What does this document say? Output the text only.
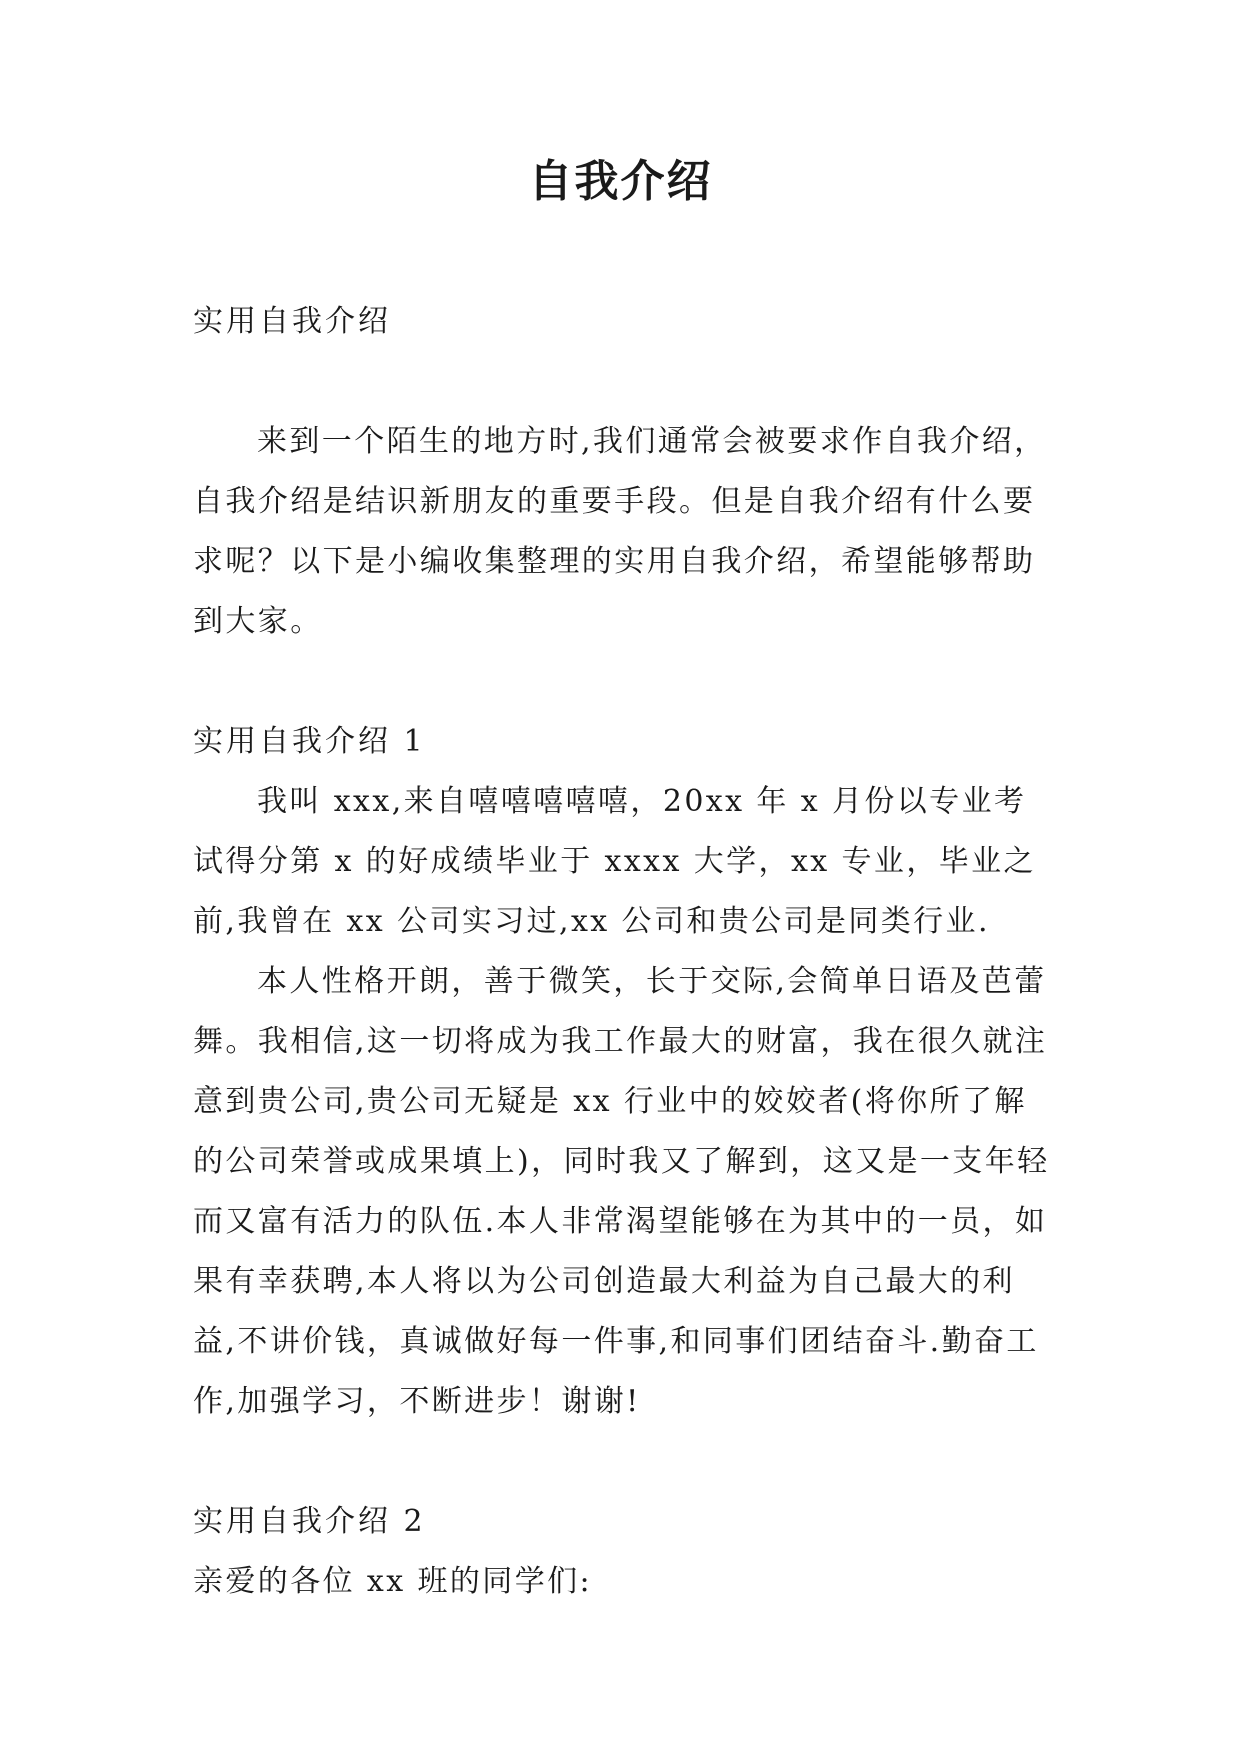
自我介绍

实用自我介绍

来到一个陌生的地方时,我们通常会被要求作自我介绍，自我介绍是结识新朋友的重要手段。但是自我介绍有什么要求呢？以下是小编收集整理的实用自我介绍，希望能够帮助到大家。

实用自我介绍 1

我叫 xxx,来自嘻嘻嘻嘻嘻，20xx 年 x 月份以专业考试得分第 x 的好成绩毕业于 xxxx 大学，xx 专业，毕业之前,我曾在 xx 公司实习过,xx 公司和贵公司是同类行业.

本人性格开朗，善于微笑，长于交际,会简单日语及芭蕾舞。我相信,这一切将成为我工作最大的财富，我在很久就注意到贵公司,贵公司无疑是 xx 行业中的姣姣者(将你所了解的公司荣誉或成果填上)，同时我又了解到，这又是一支年轻而又富有活力的队伍.本人非常渴望能够在为其中的一员，如果有幸获聘,本人将以为公司创造最大利益为自己最大的利益,不讲价钱，真诚做好每一件事,和同事们团结奋斗.勤奋工作,加强学习，不断进步！谢谢!

实用自我介绍 2

亲爱的各位 xx 班的同学们:
